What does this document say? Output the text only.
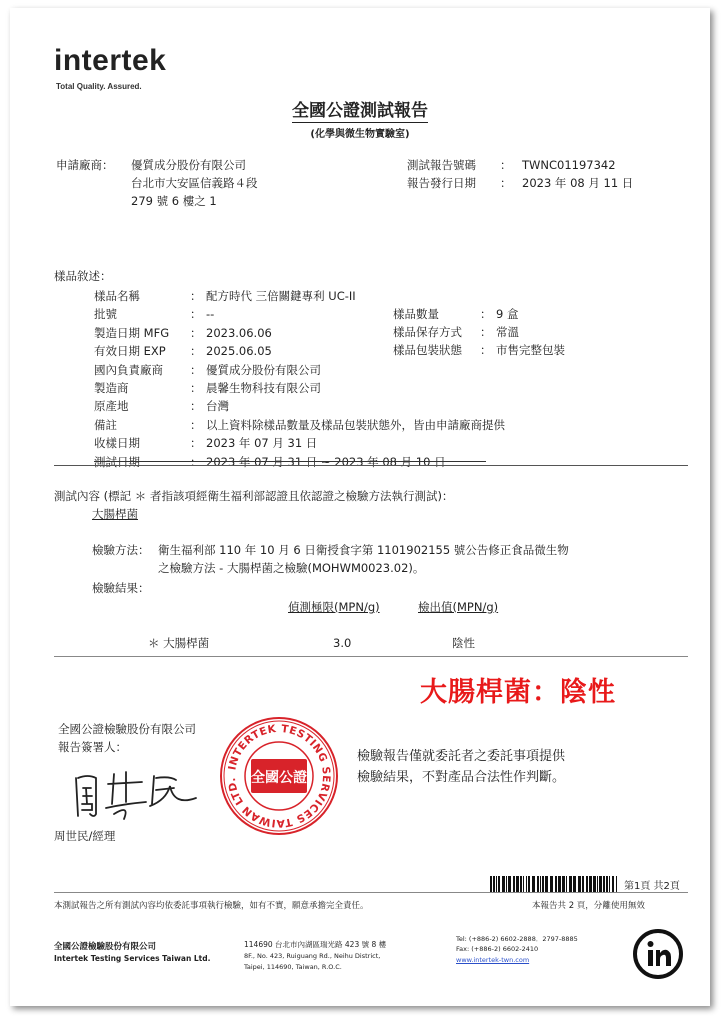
intertek
Total Quality. Assured.
全國公證測試報告
(化學與微生物實驗室)
申請廠商： 優質成分股份有限公司
台北市大安區信義路４段
279 號 6 樓之 1
測試報告號碼 ： TWNC01197342
報告發行日期 ： 2023 年 08 月 11 日
樣品敘述：
樣品名稱	： 配方時代 三倍關鍵專利 UC-II
批號	： --
製造日期 MFG ： 2023.06.06
有效日期 EXP ： 2025.06.05
國內負責廠商 ： 優質成分股份有限公司
製造商	： 晨馨生物科技有限公司
原產地	： 台灣
備註	： 以上資料除樣品數量及樣品包裝狀態外，皆由申請廠商提供
收樣日期	： 2023 年 07 月 31 日
測試日期	： 2023 年 07 月 31 日 ~ 2023 年 08 月 10 日
樣品數量	： 9 盒
樣品保存方式 ： 常溫
樣品包裝狀態 ： 市售完整包裝
測試內容 (標記 ＊ 者指該項經衛生福利部認證且依認證之檢驗方法執行測試)：
大腸桿菌
檢驗方法： 衛生福利部 110 年 10 月 6 日衛授食字第 1101902155 號公告修正食品微生物
之檢驗方法 - 大腸桿菌之檢驗(MOHWM0023.02)。
檢驗結果：
偵測極限(MPN/g)	檢出值(MPN/g)
＊ 大腸桿菌	3.0	陰性
大腸桿菌：陰性
全國公證檢驗股份有限公司
報告簽署人：
INTERTEK TESTING SERVICES TAIWAN LTD. 全國公證
檢驗報告僅就委託者之委託事項提供
檢驗結果，不對產品合法性作判斷。
周世民/經理
第1頁 共2頁
本測試報告之所有測試內容均依委託事項執行檢驗，如有不實，願意承擔完全責任。	本報告共 2 頁，分離使用無效
全國公證檢驗股份有限公司
Intertek Testing Services Taiwan Ltd.
114690 台北市內湖區瑞光路 423 號 8 樓
8F., No. 423, Ruiguang Rd., Neihu District,
Taipei, 114690, Taiwan, R.O.C.
Tel: (+886-2) 6602-2888．2797-8885
Fax: (+886-2) 6602-2410
www.intertek-twn.com
